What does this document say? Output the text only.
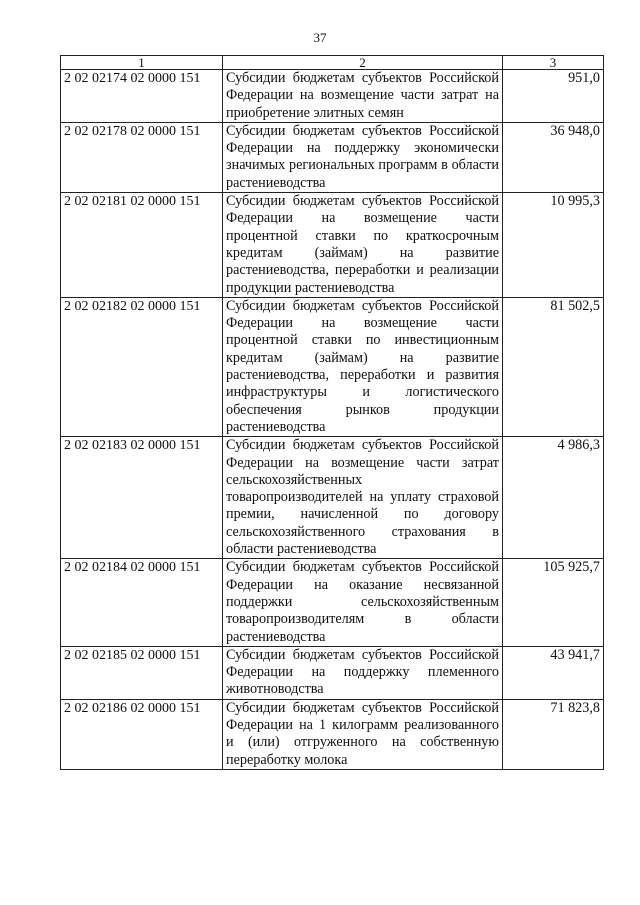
37
1	2	3
2 02 02174 02 0000 151	Субсидии бюджетам субъектов Российской Федерации на возмещение части затрат на приобретение элитных семян	951,0
2 02 02178 02 0000 151	Субсидии бюджетам субъектов Российской Федерации на поддержку экономически значимых региональных программ в области растениеводства	36 948,0
2 02 02181 02 0000 151	Субсидии бюджетам субъектов Российской Федерации на возмещение части процентной ставки по краткосрочным кредитам (займам) на развитие растениеводства, переработки и реализации продукции растениеводства	10 995,3
2 02 02182 02 0000 151	Субсидии бюджетам субъектов Российской Федерации на возмещение части процентной ставки по инвестиционным кредитам (займам) на развитие растениеводства, переработки и развития инфраструктуры и логистического обеспечения рынков продукции растениеводства	81 502,5
2 02 02183 02 0000 151	Субсидии бюджетам субъектов Российской Федерации на возмещение части затрат сельскохозяйственных товаропроизводителей на уплату страховой премии, начисленной по договору сельскохозяйственного страхования в области растениеводства	4 986,3
2 02 02184 02 0000 151	Субсидии бюджетам субъектов Российской Федерации на оказание несвязанной поддержки сельскохозяйственным товаропроизводителям в области растениеводства	105 925,7
2 02 02185 02 0000 151	Субсидии бюджетам субъектов Российской Федерации на поддержку племенного животноводства	43 941,7
2 02 02186 02 0000 151	Субсидии бюджетам субъектов Российской Федерации на 1 килограмм реализованного и (или) отгруженного на собственную переработку молока	71 823,8
